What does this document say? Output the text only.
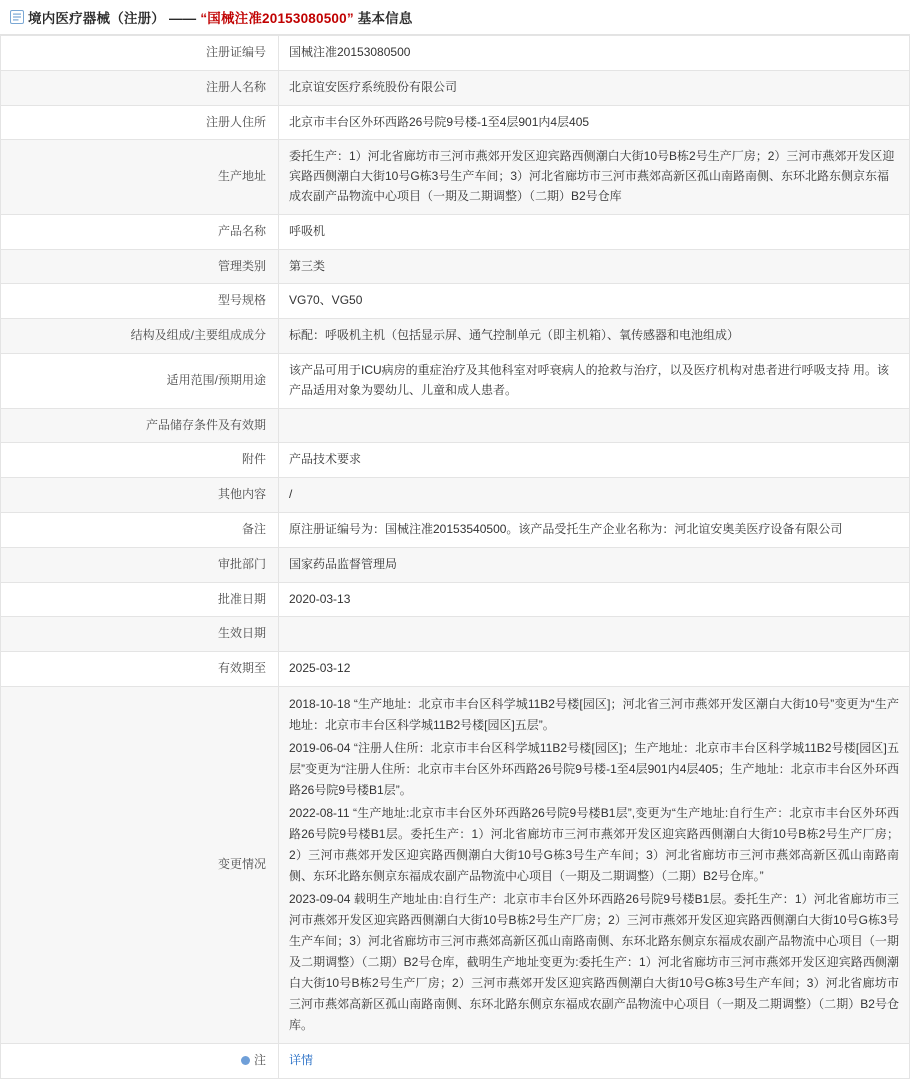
境内医疗器械（注册） —— “国械注准20153080500” 基本信息
注册证编号	国械注准20153080500
注册人名称	北京谊安医疗系统股份有限公司
注册人住所	北京市丰台区外环西路26号院9号楼-1至4层901内4层405
生产地址	委托生产：1）河北省廊坊市三河市燕郊开发区迎宾路西侧潮白大街10号B栋2号生产厂房；2）三河市燕郊开发区迎宾路西侧潮白大街10号G栋3号生产车间；3）河北省廊坊市三河市燕郊高新区孤山南路南侧、东环北路东侧京东福成农副产品物流中心项目（一期及二期调整）（二期）B2号仓库
产品名称	呼吸机
管理类别	第三类
型号规格	VG70、VG50
结构及组成/主要组成成分	标配：呼吸机主机（包括显示屏、通气控制单元（即主机箱）、氧传感器和电池组成）
适用范围/预期用途	该产品可用于ICU病房的重症治疗及其他科室对呼衰病人的抢救与治疗，以及医疗机构对患者进行呼吸支持 用。该产品适用对象为婴幼儿、儿童和成人患者。
产品储存条件及有效期	
附件	产品技术要求
其他内容	/
备注	原注册证编号为：国械注准20153540500。该产品受托生产企业名称为：河北谊安奥美医疗设备有限公司
审批部门	国家药品监督管理局
批准日期	2020-03-13
生效日期	
有效期至	2025-03-12
变更情况	2018-10-18 “生产地址：北京市丰台区科学城11B2号楼[园区]；河北省三河市燕郊开发区潮白大街10号”变更为“生产地址：北京市丰台区科学城11B2号楼[园区]五层”。

2019-06-04 “注册人住所：北京市丰台区科学城11B2号楼[园区]；生产地址：北京市丰台区科学城11B2号楼[园区]五层”变更为“注册人住所：北京市丰台区外环西路26号院9号楼-1至4层901内4层405；生产地址：北京市丰台区外环西路26号院9号楼B1层”。

2022-08-11 “生产地址:北京市丰台区外环西路26号院9号楼B1层”,变更为“生产地址:自行生产：北京市丰台区外环西路26号院9号楼B1层。委托生产：1）河北省廊坊市三河市燕郊开发区迎宾路西侧潮白大街10号B栋2号生产厂房；2）三河市燕郊开发区迎宾路西侧潮白大街10号G栋3号生产车间；3）河北省廊坊市三河市燕郊高新区孤山南路南侧、东环北路东侧京东福成农副产品物流中心项目（一期及二期调整）（二期）B2号仓库。”

2023-09-04 载明生产地址由:自行生产：北京市丰台区外环西路26号院9号楼B1层。委托生产：1）河北省廊坊市三河市燕郊开发区迎宾路西侧潮白大街10号B栋2号生产厂房；2）三河市燕郊开发区迎宾路西侧潮白大街10号G栋3号生产车间；3）河北省廊坊市三河市燕郊高新区孤山南路南侧、东环北路东侧京东福成农副产品物流中心项目（一期及二期调整）（二期）B2号仓库，截明生产地址变更为:委托生产：1）河北省廊坊市三河市燕郊开发区迎宾路西侧潮白大街10号B栋2号生产厂房；2）三河市燕郊开发区迎宾路西侧潮白大街10号G栋3号生产车间；3）河北省廊坊市三河市燕郊高新区孤山南路南侧、东环北路东侧京东福成农副产品物流中心项目（一期及二期调整）（二期）B2号仓库。

注	详情
